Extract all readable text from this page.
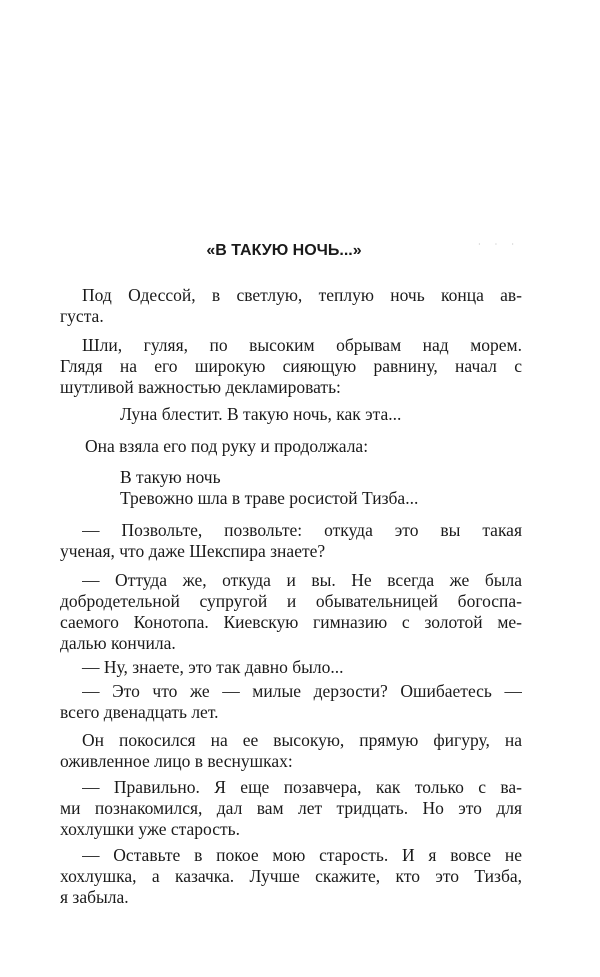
· · ·
«В ТАКУЮ НОЧЬ...»
Под Одессой, в светлую, теплую ночь конца ав-
густа.
Шли, гуляя, по высоким обрывам над морем.
Глядя на его широкую сияющую равнину, начал с
шутливой важностью декламировать:
Луна блестит. В такую ночь, как эта...
Она взяла его под руку и продолжала:
В такую ночь
Тревожно шла в траве росистой Тизба...
— Позвольте, позвольте: откуда это вы такая
ученая, что даже Шекспира знаете?
— Оттуда же, откуда и вы. Не всегда же была
добродетельной супругой и обывательницей богоспа-
саемого Конотопа. Киевскую гимназию с золотой ме-
далью кончила.
— Ну, знаете, это так давно было...
— Это что же — милые дерзости? Ошибаетесь —
всего двенадцать лет.
Он покосился на ее высокую, прямую фигуру, на
оживленное лицо в веснушках:
— Правильно. Я еще позавчера, как только с ва-
ми познакомился, дал вам лет тридцать. Но это для
хохлушки уже старость.
— Оставьте в покое мою старость. И я вовсе не
хохлушка, а казачка. Лучше скажите, кто это Тизба,
я забыла.
